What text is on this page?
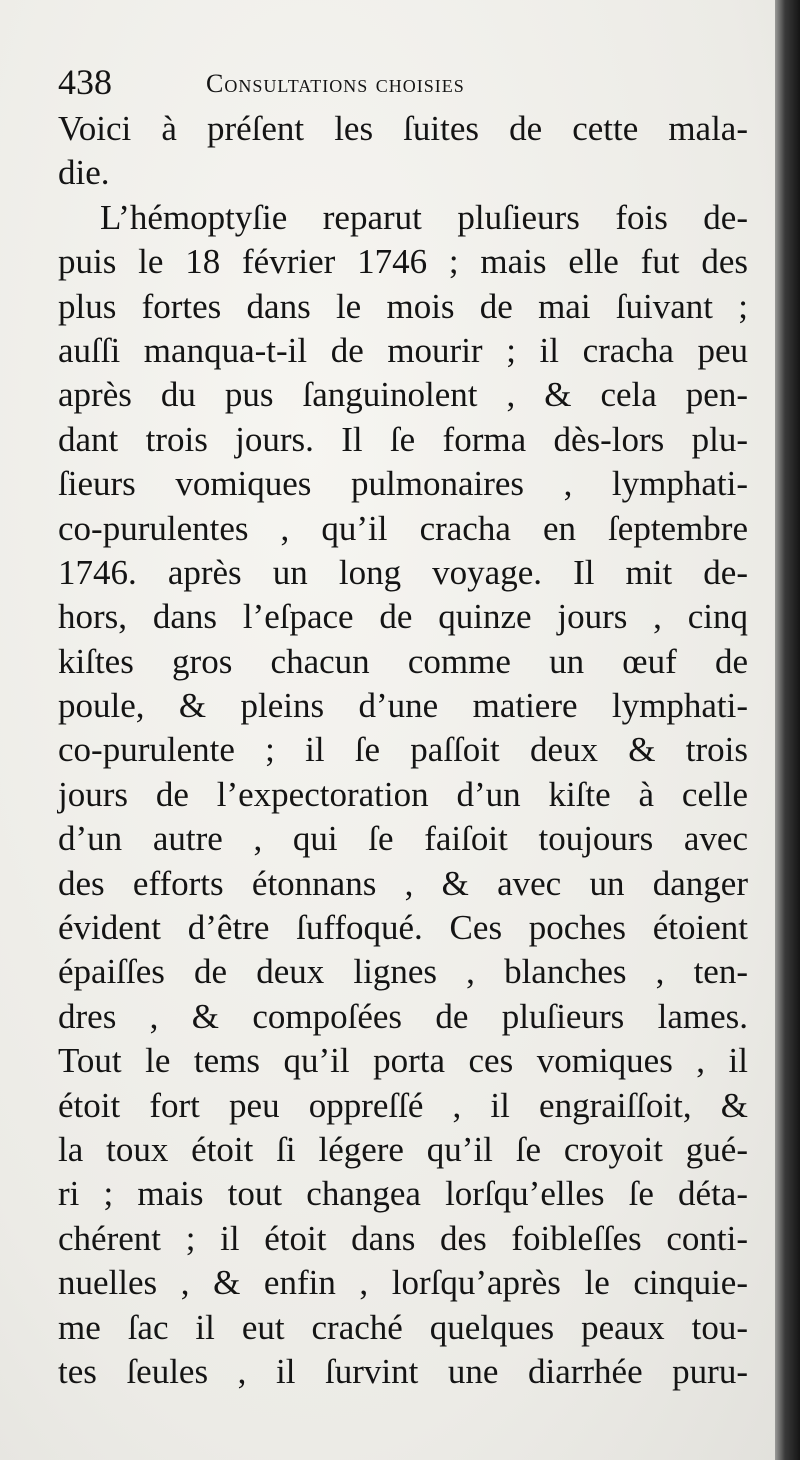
438	Consultations choisies
Voici à préſent les ſuites de cette mala-
die.
L’hémoptyſie reparut pluſieurs fois de-
puis le 18 février 1746 ; mais elle fut des
plus fortes dans le mois de mai ſuivant ;
auſſi manqua-t-il de mourir ; il cracha peu
après du pus ſanguinolent , & cela pen-
dant trois jours. Il ſe forma dès-lors plu-
ſieurs vomiques pulmonaires , lymphati-
co-purulentes , qu’il cracha en ſeptembre
1746. après un long voyage. Il mit de-
hors, dans l’eſpace de quinze jours , cinq
kiſtes gros chacun comme un œuf de
poule, & pleins d’une matiere lymphati-
co-purulente ; il ſe paſſoit deux & trois
jours de l’expectoration d’un kiſte à celle
d’un autre , qui ſe faiſoit toujours avec
des efforts étonnans , & avec un danger
évident d’être ſuffoqué. Ces poches étoient
épaiſſes de deux lignes , blanches , ten-
dres , & compoſées de pluſieurs lames.
Tout le tems qu’il porta ces vomiques , il
étoit fort peu oppreſſé , il engraiſſoit, &
la toux étoit ſi légere qu’il ſe croyoit gué-
ri ; mais tout changea lorſqu’elles ſe déta-
chérent ; il étoit dans des foibleſſes conti-
nuelles , & enfin , lorſqu’après le cinquie-
me ſac il eut craché quelques peaux tou-
tes ſeules , il ſurvint une diarrhée puru-
